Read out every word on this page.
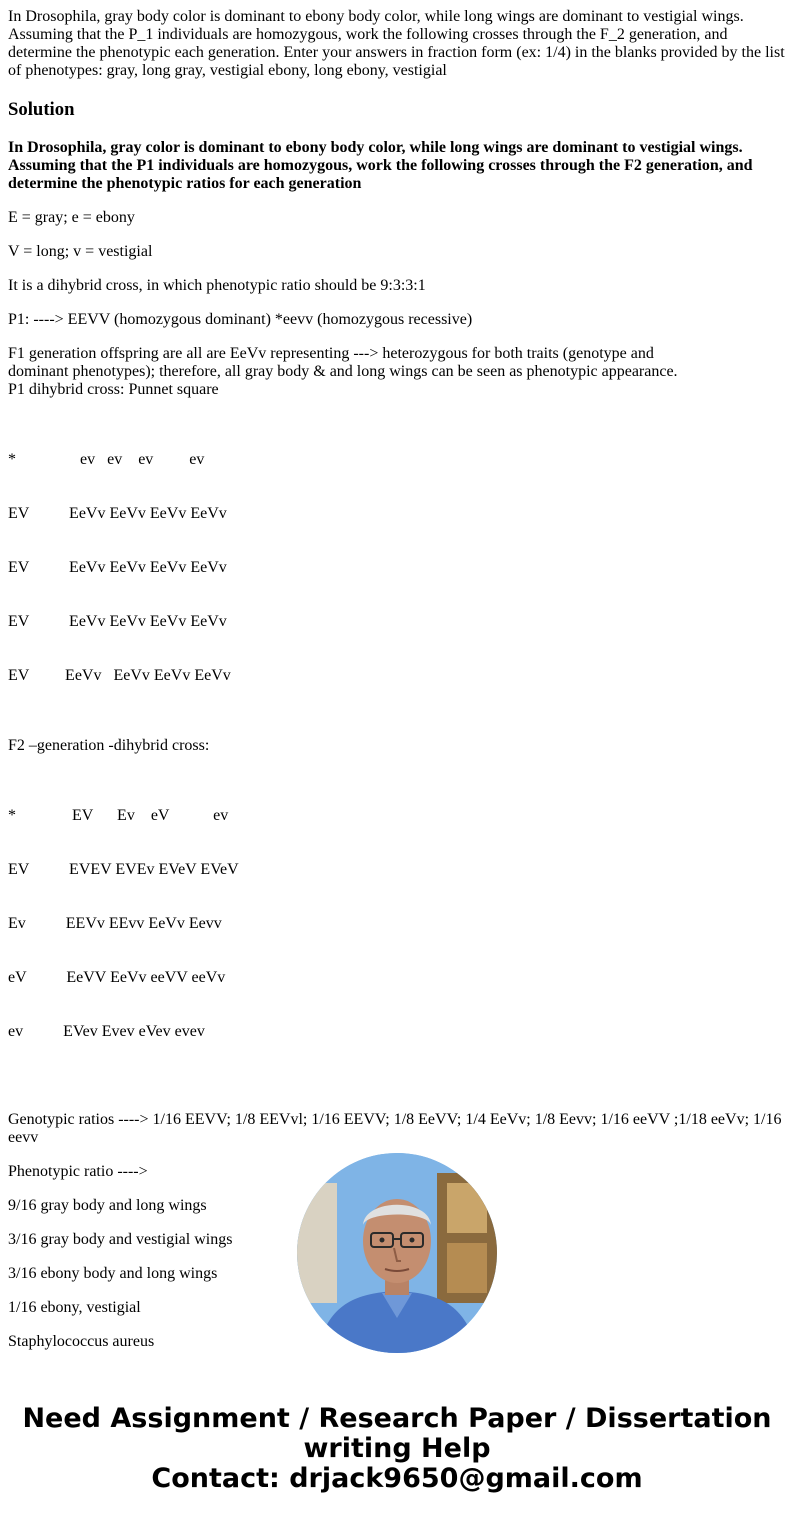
In Drosophila, gray body color is dominant to ebony body color, while long wings are dominant to vestigial wings. Assuming that the P_1 individuals are homozygous, work the following crosses through the F_2 generation, and determine the phenotypic each generation. Enter your answers in fraction form (ex: 1/4) in the blanks provided by the list of phenotypes: gray, long gray, vestigial ebony, long ebony, vestigial
Solution
In Drosophila, gray color is dominant to ebony body color, while long wings are dominant to vestigial wings. Assuming that the P1 individuals are homozygous, work the following crosses through the F2 generation, and determine the phenotypic ratios for each generation

E = gray; e = ebony

V = long; v = vestigial

It is a dihybrid cross, in which phenotypic ratio should be 9:3:3:1

P1: ----> EEVV (homozygous dominant) *eevv (homozygous recessive)

F1 generation offspring are all are EeVv representing ---> heterozygous for both traits (genotype and
dominant phenotypes); therefore, all gray body & and long wings can be seen as phenotypic appearance.
P1 dihybrid cross: Punnet square

*                ev   ev    ev         ev

EV          EeVv EeVv EeVv EeVv

EV          EeVv EeVv EeVv EeVv

EV          EeVv EeVv EeVv EeVv

EV         EeVv   EeVv EeVv EeVv

F2 –generation -dihybrid cross:

*              EV      Ev    eV           ev

EV          EVEV EVEv EVeV EVeV

Ev          EEVv EEvv EeVv Eevv

eV          EeVV EeVv eeVV eeVv

ev          EVev Evev eVev evev

Genotypic ratios ----> 1/16 EEVV; 1/8 EEVvl; 1/16 EEVV; 1/8 EeVV; 1/4 EeVv; 1/8 Eevv; 1/16 eeVV ;1/18 eeVv; 1/16 eevv

Phenotypic ratio ---->

9/16 gray body and long wings

3/16 gray body and vestigial wings

3/16 ebony body and long wings

1/16 ebony, vestigial

Staphylococcus aureus

Need Assignment / Research Paper / Dissertation
writing Help
Contact: drjack9650@gmail.com
